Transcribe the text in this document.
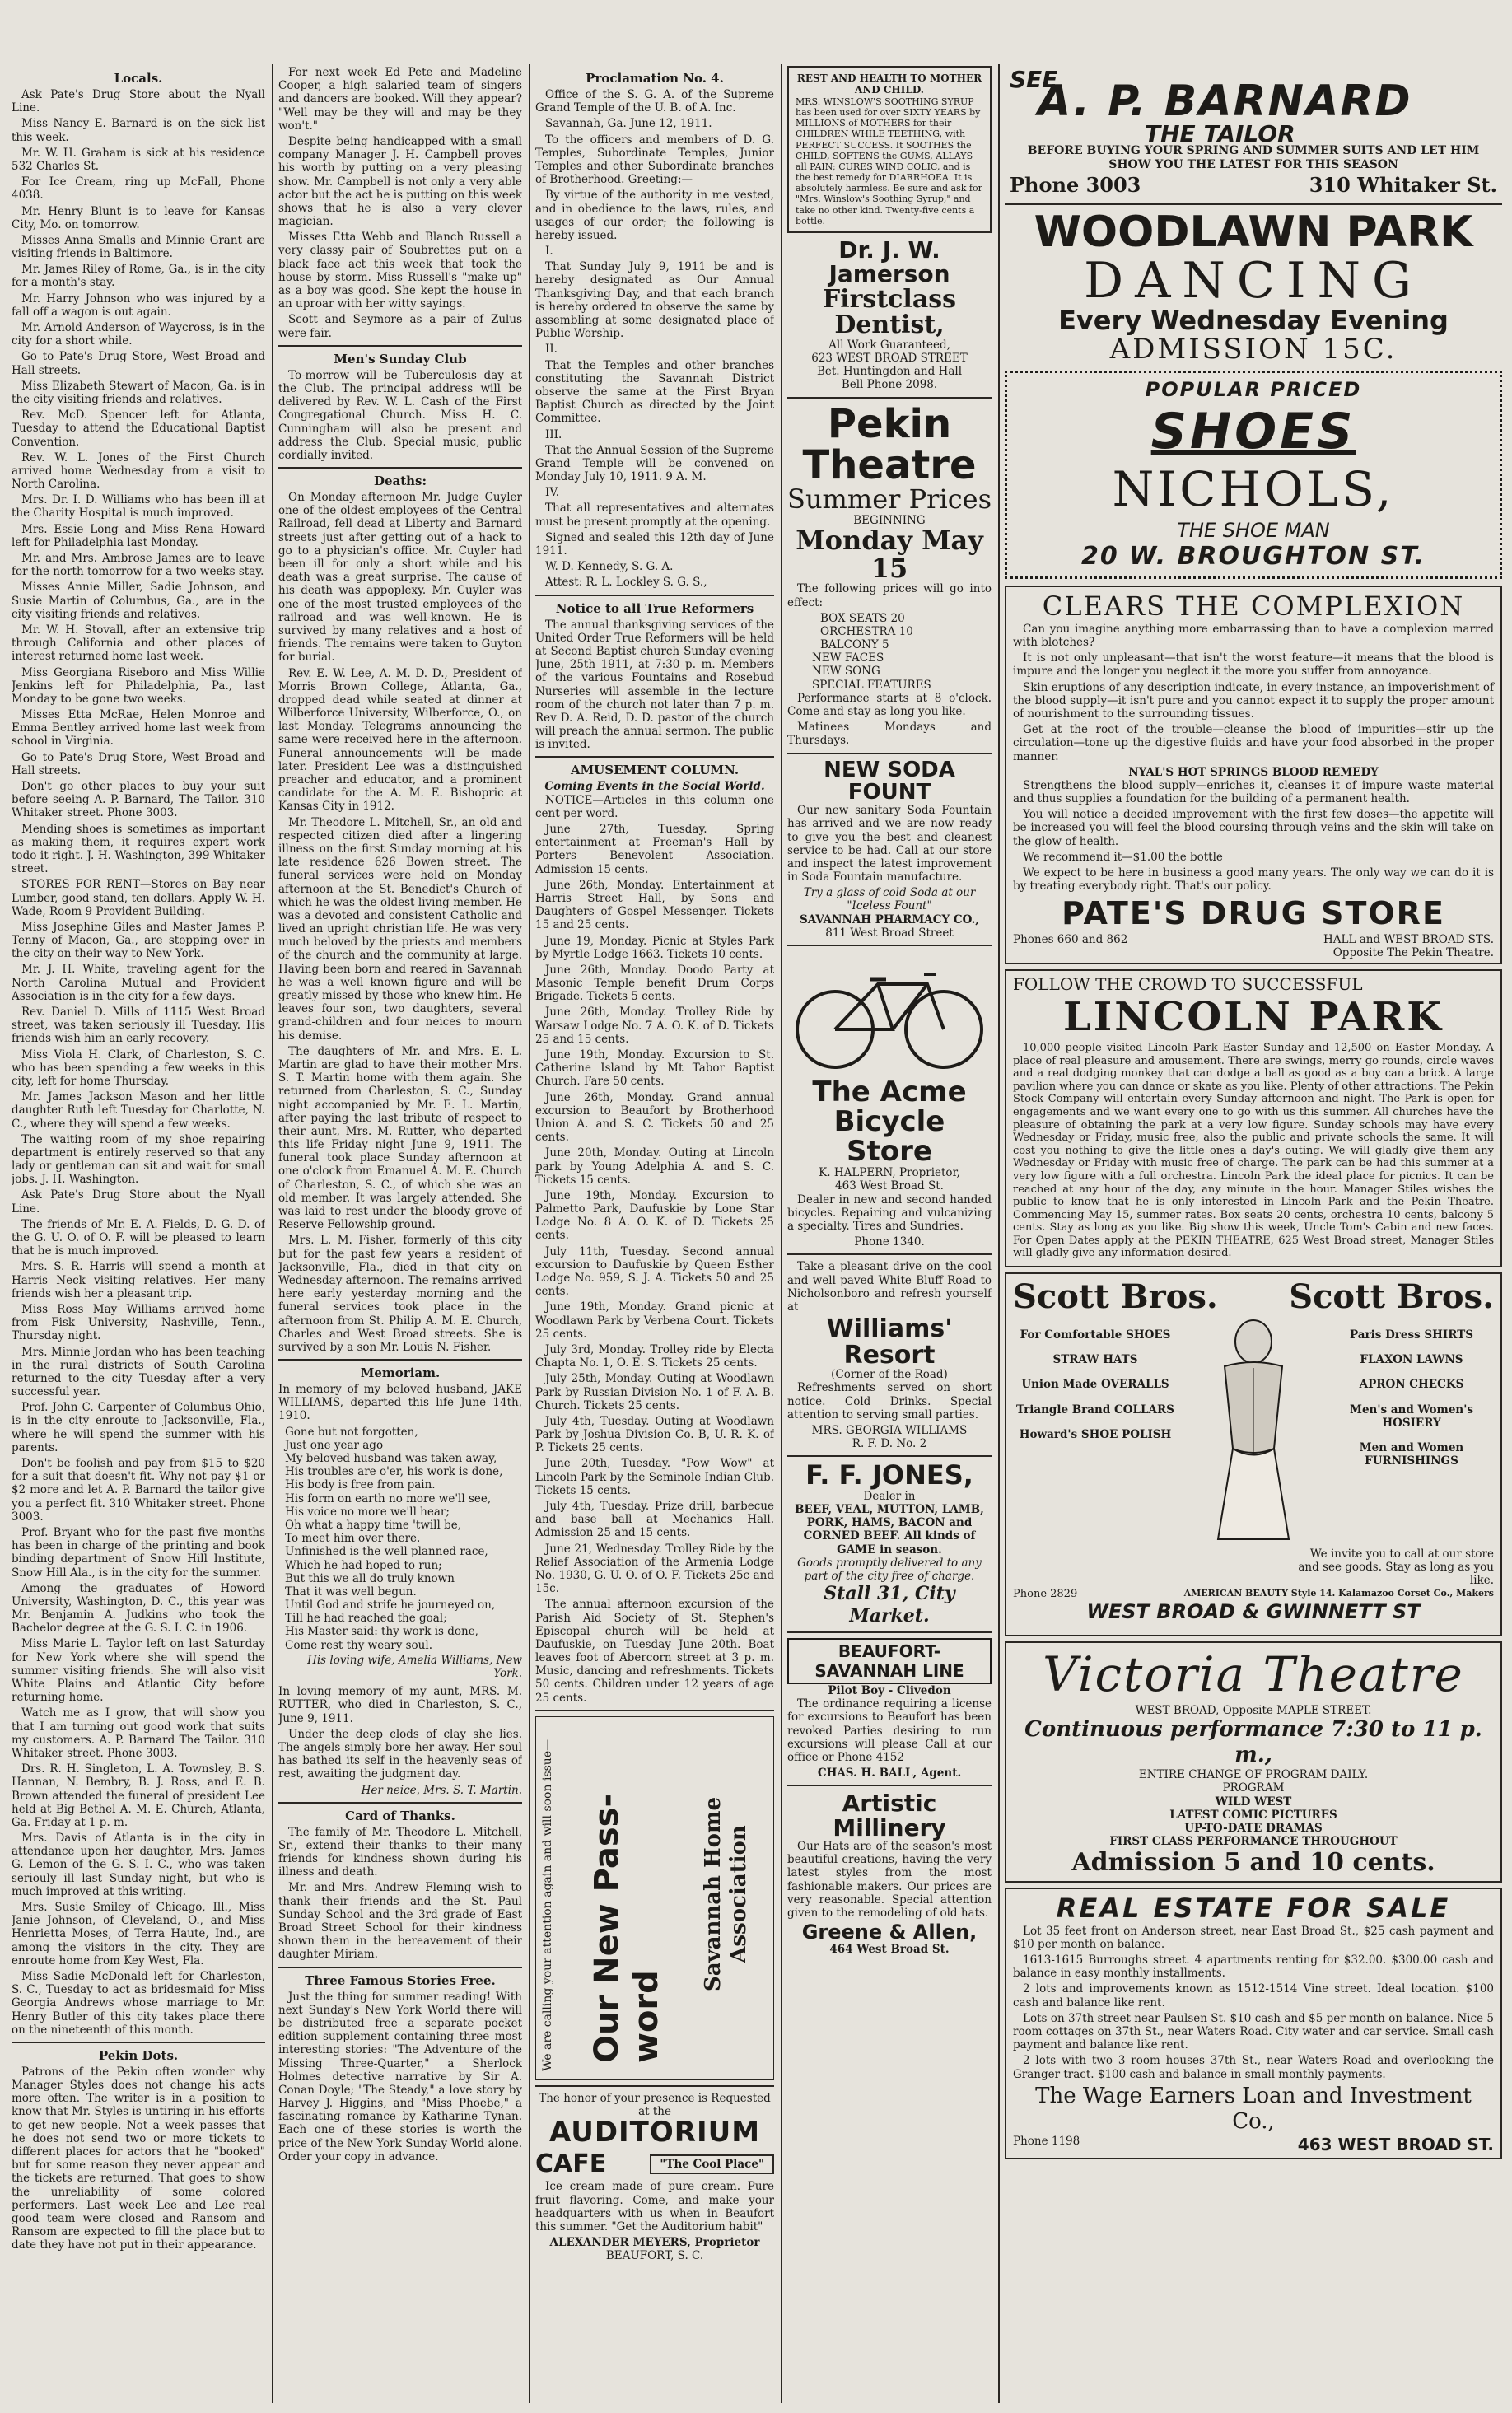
Locals.

Ask Pate's Drug Store about the Nyall Line.

Miss Nancy E. Barnard is on the sick list this week.

Mr. W. H. Graham is sick at his residence 532 Charles St.

For Ice Cream, ring up McFall, Phone 4038.

Mr. Henry Blunt is to leave for Kansas City, Mo. on tomorrow.

Misses Anna Smalls and Minnie Grant are visiting friends in Baltimore.

Mr. James Riley of Rome, Ga., is in the city for a month's stay.

Mr. Harry Johnson who was injured by a fall off a wagon is out again.

Mr. Arnold Anderson of Waycross, is in the city for a short while.

Go to Pate's Drug Store, West Broad and Hall streets.

Miss Elizabeth Stewart of Macon, Ga. is in the city visiting friends and relatives.

Rev. McD. Spencer left for Atlanta, Tuesday to attend the Educational Baptist Convention.

Rev. W. L. Jones of the First Church arrived home Wednesday from a visit to North Carolina.

Mrs. Dr. I. D. Williams who has been ill at the Charity Hospital is much improved.

Mrs. Essie Long and Miss Rena Howard left for Philadelphia last Monday.

Mr. and Mrs. Ambrose James are to leave for the north tomorrow for a two weeks stay.

Misses Annie Miller, Sadie Johnson, and Susie Martin of Columbus, Ga., are in the city visiting friends and relatives.

Mr. W. H. Stovall, after an extensive trip through California and other places of interest returned home last week.

Miss Georgiana Riseboro and Miss Willie Jenkins left for Philadelphia, Pa., last Monday to be gone two weeks.

Misses Etta McRae, Helen Monroe and Emma Bentley arrived home last week from school in Virginia.

Go to Pate's Drug Store, West Broad and Hall streets.

Don't go other places to buy your suit before seeing A. P. Barnard, The Tailor. 310 Whitaker street. Phone 3003.

Mending shoes is sometimes as important as making them, it requires expert work todo it right. J. H. Washington, 399 Whitaker street.

STORES FOR RENT—Stores on Bay near Lumber, good stand, ten dollars. Apply W. H. Wade, Room 9 Provident Building.

Miss Josephine Giles and Master James P. Tenny of Macon, Ga., are stopping over in the city on their way to New York.

Mr. J. H. White, traveling agent for the North Carolina Mutual and Provident Association is in the city for a few days.

Rev. Daniel D. Mills of 1115 West Broad street, was taken seriously ill Tuesday. His friends wish him an early recovery.

Miss Viola H. Clark, of Charleston, S. C. who has been spending a few weeks in this city, left for home Thursday.

Mr. James Jackson Mason and her little daughter Ruth left Tuesday for Charlotte, N. C., where they will spend a few weeks.

The waiting room of my shoe repairing department is entirely reserved so that any lady or gentleman can sit and wait for small jobs. J. H. Washington.

Ask Pate's Drug Store about the Nyall Line.

The friends of Mr. E. A. Fields, D. G. D. of the G. U. O. of O. F. will be pleased to learn that he is much improved.

Mrs. S. R. Harris will spend a month at Harris Neck visiting relatives. Her many friends wish her a pleasant trip.

Miss Ross May Williams arrived home from Fisk University, Nashville, Tenn., Thursday night.

Mrs. Minnie Jordan who has been teaching in the rural districts of South Carolina returned to the city Tuesday after a very successful year.

Prof. John C. Carpenter of Columbus Ohio, is in the city enroute to Jacksonville, Fla., where he will spend the summer with his parents.

Don't be foolish and pay from $15 to $20 for a suit that doesn't fit. Why not pay $1 or $2 more and let A. P. Barnard the tailor give you a perfect fit. 310 Whitaker street. Phone 3003.

Prof. Bryant who for the past five months has been in charge of the printing and book binding department of Snow Hill Institute, Snow Hill Ala., is in the city for the summer.

Among the graduates of Howord University, Washington, D. C., this year was Mr. Benjamin A. Judkins who took the Bachelor degree at the G. S. I. C. in 1906.

Miss Marie L. Taylor left on last Saturday for New York where she will spend the summer visiting friends. She will also visit White Plains and Atlantic City before returning home.

Watch me as I grow, that will show you that I am turning out good work that suits my customers. A. P. Barnard The Tailor. 310 Whitaker street. Phone 3003.

Drs. R. H. Singleton, L. A. Townsley, B. S. Hannan, N. Bembry, B. J. Ross, and E. B. Brown attended the funeral of president Lee held at Big Bethel A. M. E. Church, Atlanta, Ga. Friday at 1 p. m.

Mrs. Davis of Atlanta is in the city in attendance upon her daughter, Mrs. James G. Lemon of the G. S. I. C., who was taken seriouly ill last Sunday night, but who is much improved at this writing.

Mrs. Susie Smiley of Chicago, Ill., Miss Janie Johnson, of Cleveland, O., and Miss Henrietta Moses, of Terra Haute, Ind., are among the visitors in the city. They are enroute home from Key West, Fla.

Miss Sadie McDonald left for Charleston, S. C., Tuesday to act as bridesmaid for Miss Georgia Andrews whose marriage to Mr. Henry Butler of this city takes place there on the nineteenth of this month.

Pekin Dots.

Patrons of the Pekin often wonder why Manager Styles does not change his acts more often. The writer is in a position to know that Mr. Styles is untiring in his efforts to get new people. Not a week passes that he does not send two or more tickets to different places for actors that he "booked" but for some reason they never appear and the tickets are returned. That goes to show the unreliability of some colored performers. Last week Lee and Lee real good team were closed and Ransom and Ransom are expected to fill the place but to date they have not put in their appearance.

For next week Ed Pete and Madeline Cooper, a high salaried team of singers and dancers are booked. Will they appear? "Well may be they will and may be they won't."

Despite being handicapped with a small company Manager J. H. Campbell proves his worth by putting on a very pleasing show. Mr. Campbell is not only a very able actor but the act he is putting on this week shows that he is also a very clever magician.

Misses Etta Webb and Blanch Russell a very classy pair of Soubrettes put on a black face act this week that took the house by storm. Miss Russell's "make up" as a boy was good. She kept the house in an uproar with her witty sayings.

Scott and Seymore as a pair of Zulus were fair.

Men's Sunday Club

To-morrow will be Tuberculosis day at the Club. The principal address will be delivered by Rev. W. L. Cash of the First Congregational Church. Miss H. C. Cunningham will also be present and address the Club. Special music, public cordially invited.

Deaths:

On Monday afternoon Mr. Judge Cuyler one of the oldest employees of the Central Railroad, fell dead at Liberty and Barnard streets just after getting out of a hack to go to a physician's office. Mr. Cuyler had been ill for only a short while and his death was a great surprise. The cause of his death was appoplexy. Mr. Cuyler was one of the most trusted employees of the railroad and was well-known. He is survived by many relatives and a host of friends. The remains were taken to Guyton for burial.

Rev. E. W. Lee, A. M. D. D., President of Morris Brown College, Atlanta, Ga., dropped dead while seated at dinner at Wilberforce University, Wilberforce, O., on last Monday. Telegrams announcing the same were received here in the afternoon. Funeral announcements will be made later. President Lee was a distinguished preacher and educator, and a prominent candidate for the A. M. E. Bishopric at Kansas City in 1912.

Mr. Theodore L. Mitchell, Sr., an old and respected citizen died after a lingering illness on the first Sunday morning at his late residence 626 Bowen street. The funeral services were held on Monday afternoon at the St. Benedict's Church of which he was the oldest living member. He was a devoted and consistent Catholic and lived an upright christian life. He was very much beloved by the priests and members of the church and the community at large. Having been born and reared in Savannah he was a well known figure and will be greatly missed by those who knew him. He leaves four son, two daughters, several grand-children and four neices to mourn his demise.

The daughters of Mr. and Mrs. E. L. Martin are glad to have their mother Mrs. S. T. Martin home with them again. She returned from Charleston, S. C., Sunday night accompanied by Mr. E. L. Martin, after paying the last tribute of respect to their aunt, Mrs. M. Rutter, who departed this life Friday night June 9, 1911. The funeral took place Sunday afternoon at one o'clock from Emanuel A. M. E. Church of Charleston, S. C., of which she was an old member. It was largely attended. She was laid to rest under the bloody grove of Reserve Fellowship ground.

Mrs. L. M. Fisher, formerly of this city but for the past few years a resident of Jacksonville, Fla., died in that city on Wednesday afternoon. The remains arrived here early yesterday morning and the funeral services took place in the afternoon from St. Philip A. M. E. Church, Charles and West Broad streets. She is survived by a son Mr. Louis N. Fisher.

Memoriam.

In memory of my beloved husband, JAKE WILLIAMS, departed this life June 14th, 1910.

Gone but not forgotten,
Just one year ago
My beloved husband was taken away,
His troubles are o'er, his work is done,
His body is free from pain.
His form on earth no more we'll see,
His voice no more we'll hear;
Oh what a happy time 'twill be,
To meet him over there.
Unfinished is the well planned race,
Which he had hoped to run;
But this we all do truly known
That it was well begun.
Until God and strife he journeyed on,
Till he had reached the goal;
His Master said: thy work is done,
Come rest thy weary soul.
His loving wife, Amelia Williams, New York.

In loving memory of my aunt, MRS. M. RUTTER, who died in Charleston, S. C., June 9, 1911.

Under the deep clods of clay she lies. The angels simply bore her away. Her soul has bathed its self in the heavenly seas of rest, awaiting the judgment day.

Her neice, Mrs. S. T. Martin.
Card of Thanks.

The family of Mr. Theodore L. Mitchell, Sr., extend their thanks to their many friends for kindness shown during his illness and death.

Mr. and Mrs. Andrew Fleming wish to thank their friends and the St. Paul Sunday School and the 3rd grade of East Broad Street School for their kindness shown them in the bereavement of their daughter Miriam.

Three Famous Stories Free.

Just the thing for summer reading! With next Sunday's New York World there will be distributed free a separate pocket edition supplement containing three most interesting stories: "The Adventure of the Missing Three-Quarter," a Sherlock Holmes detective narrative by Sir A. Conan Doyle; "The Steady," a love story by Harvey J. Higgins, and "Miss Phoebe," a fascinating romance by Katharine Tynan. Each one of these stories is worth the price of the New York Sunday World alone. Order your copy in advance.

Proclamation No. 4.

Office of the S. G. A. of the Supreme Grand Temple of the U. B. of A. Inc.

Savannah, Ga. June 12, 1911.

To the officers and members of D. G. Temples, Subordinate Temples, Junior Temples and other Subordinate branches of Brotherhood. Greeting:—

By virtue of the authority in me vested, and in obedience to the laws, rules, and usages of our order; the following is hereby issued.

I.

That Sunday July 9, 1911 be and is hereby designated as Our Annual Thanksgiving Day, and that each branch is hereby ordered to observe the same by assembling at some designated place of Public Worship.

II.

That the Temples and other branches constituting the Savannah District observe the same at the First Bryan Baptist Church as directed by the Joint Committee.

III.

That the Annual Session of the Supreme Grand Temple will be convened on Monday July 10, 1911. 9 A. M.

IV.

That all representatives and alternates must be present promptly at the opening.

Signed and sealed this 12th day of June 1911.

W. D. Kennedy, S. G. A.

Attest: R. L. Lockley S. G. S.,

Notice to all True Reformers

The annual thanksgiving services of the United Order True Reformers will be held at Second Baptist church Sunday evening June, 25th 1911, at 7:30 p. m. Members of the various Fountains and Rosebud Nurseries will assemble in the lecture room of the church not later than 7 p. m. Rev D. A. Reid, D. D. pastor of the church will preach the annual sermon. The public is invited.

AMUSEMENT COLUMN.
Coming Events in the Social World.

NOTICE—Articles in this column one cent per word.

June 27th, Tuesday. Spring entertainment at Freeman's Hall by Porters Benevolent Association. Admission 15 cents.

June 26th, Monday. Entertainment at Harris Street Hall, by Sons and Daughters of Gospel Messenger. Tickets 15 and 25 cents.

June 19, Monday. Picnic at Styles Park by Myrtle Lodge 1663. Tickets 10 cents.

June 26th, Monday. Doodo Party at Masonic Temple benefit Drum Corps Brigade. Tickets 5 cents.

June 26th, Monday. Trolley Ride by Warsaw Lodge No. 7 A. O. K. of D. Tickets 25 and 15 cents.

June 19th, Monday. Excursion to St. Catherine Island by Mt Tabor Baptist Church. Fare 50 cents.

June 26th, Monday. Grand annual excursion to Beaufort by Brotherhood Union A. and S. C. Tickets 50 and 25 cents.

June 20th, Monday. Outing at Lincoln park by Young Adelphia A. and S. C. Tickets 15 cents.

June 19th, Monday. Excursion to Palmetto Park, Daufuskie by Lone Star Lodge No. 8 A. O. K. of D. Tickets 25 cents.

July 11th, Tuesday. Second annual excursion to Daufuskie by Queen Esther Lodge No. 959, S. J. A. Tickets 50 and 25 cents.

June 19th, Monday. Grand picnic at Woodlawn Park by Verbena Court. Tickets 25 cents.

July 3rd, Monday. Trolley ride by Electa Chapta No. 1, O. E. S. Tickets 25 cents.

July 25th, Monday. Outing at Woodlawn Park by Russian Division No. 1 of F. A. B. Church. Tickets 25 cents.

July 4th, Tuesday. Outing at Woodlawn Park by Joshua Division Co. B, U. R. K. of P. Tickets 25 cents.

June 20th, Tuesday. "Pow Wow" at Lincoln Park by the Seminole Indian Club. Tickets 15 cents.

July 4th, Tuesday. Prize drill, barbecue and base ball at Mechanics Hall. Admission 25 and 15 cents.

June 21, Wednesday. Trolley Ride by the Relief Association of the Armenia Lodge No. 1930, G. U. O. of O. F. Tickets 25c and 15c.

The annual afternoon excursion of the Parish Aid Society of St. Stephen's Episcopal church will be held at Daufuskie, on Tuesday June 20th. Boat leaves foot of Abercorn street at 3 p. m. Music, dancing and refreshments. Tickets 50 cents. Children under 12 years of age 25 cents.

We are calling your attention again and will soon issue— Our New Pass-word
Savannah Home Association
The honor of your presence is Requested at the
AUDITORIUM
CAFE	"The Cool Place"

Ice cream made of pure cream. Pure fruit flavoring. Come, and make your headquarters with us when in Beaufort this summer. "Get the Auditorium habit"

ALEXANDER MEYERS, Proprietor
BEAUFORT, S. C.
REST AND HEALTH TO MOTHER AND CHILD.
MRS. WINSLOW'S SOOTHING SYRUP has been used for over SIXTY YEARS by MILLIONS of MOTHERS for their CHILDREN WHILE TEETHING, with PERFECT SUCCESS. It SOOTHES the CHILD, SOFTENS the GUMS, ALLAYS all PAIN; CURES WIND COLIC, and is the best remedy for DIARRHOEA. It is absolutely harmless. Be sure and ask for "Mrs. Winslow's Soothing Syrup," and take no other kind. Twenty-five cents a bottle.
Dr. J. W. Jamerson
Firstclass Dentist,
All Work Guaranteed,
623 WEST BROAD STREET
Bet. Huntingdon and Hall
Bell Phone 2098.
Pekin Theatre
Summer Prices
BEGINNING
Monday May 15

The following prices will go into effect:

BOX SEATS 20
ORCHESTRA 10
BALCONY 5
NEW FACES
NEW SONG
SPECIAL FEATURES

Performance starts at 8 o'clock. Come and stay as long you like.

Matinees Mondays and Thursdays.

NEW SODA FOUNT

Our new sanitary Soda Fountain has arrived and we are now ready to give you the best and cleanest service to be had. Call at our store and inspect the latest improvement in Soda Fountain manufacture.

Try a glass of cold Soda at our "Iceless Fount"
SAVANNAH PHARMACY CO.,
811 West Broad Street
The Acme Bicycle Store
K. HALPERN, Proprietor,
463 West Broad St.

Dealer in new and second handed bicycles. Repairing and vulcanizing a specialty. Tires and Sundries.

Phone 1340.

Take a pleasant drive on the cool and well paved White Bluff Road to Nicholsonboro and refresh yourself at

Williams' Resort
(Corner of the Road)

Refreshments served on short notice. Cold Drinks. Special attention to serving small parties.

MRS. GEORGIA WILLIAMS
R. F. D. No. 2
F. F. JONES,
Dealer in
BEEF, VEAL, MUTTON, LAMB, PORK, HAMS, BACON and CORNED BEEF. All kinds of GAME in season.
Goods promptly delivered to any part of the city free of charge.
Stall 31, City Market.
BEAUFORT-SAVANNAH LINE
Pilot Boy - Clivedon

The ordinance requiring a license for excursions to Beaufort has been revoked Parties desiring to run excursions will please Call at our office or Phone 4152

CHAS. H. BALL, Agent.
Artistic Millinery

Our Hats are of the season's most beautiful creations, having the very latest styles from the most fashionable makers. Our prices are very reasonable. Special attention given to the remodeling of old hats.

Greene & Allen,
464 West Broad St.
SEE
A. P. BARNARD
THE TAILOR
BEFORE BUYING YOUR SPRING AND SUMMER SUITS AND LET HIM SHOW YOU THE LATEST FOR THIS SEASON
Phone 3003	310 Whitaker St.
WOODLAWN PARK
DANCING
Every Wednesday Evening
ADMISSION 15C.
POPULAR PRICED
SHOES
NICHOLS,
THE SHOE MAN
20 W. BROUGHTON ST.
CLEARS THE COMPLEXION

Can you imagine anything more embarrassing than to have a complexion marred with blotches?

It is not only unpleasant—that isn't the worst feature—it means that the blood is impure and the longer you neglect it the more you suffer from annoyance.

Skin eruptions of any description indicate, in every instance, an impoverishment of the blood supply—it isn't pure and you cannot expect it to supply the proper amount of nourishment to the surrounding tissues.

Get at the root of the trouble—cleanse the blood of impurities—stir up the circulation—tone up the digestive fluids and have your food absorbed in the proper manner.

NYAL'S HOT SPRINGS BLOOD REMEDY

Strengthens the blood supply—enriches it, cleanses it of impure waste material and thus supplies a foundation for the building of a permanent health.

You will notice a decided improvement with the first few doses—the appetite will be increased you will feel the blood coursing through veins and the skin will take on the glow of health.

We recommend it—$1.00 the bottle

We expect to be here in business a good many years. The only way we can do it is by treating everybody right. That's our policy.

PATE'S DRUG STORE
Phones 660 and 862	HALL and WEST BROAD STS.
Opposite The Pekin Theatre.
FOLLOW THE CROWD TO SUCCESSFUL
LINCOLN PARK

10,000 people visited Lincoln Park Easter Sunday and 12,500 on Easter Monday. A place of real pleasure and amusement. There are swings, merry go rounds, circle waves and a real dodging monkey that can dodge a ball as good as a boy can a brick. A large pavilion where you can dance or skate as you like. Plenty of other attractions. The Pekin Stock Company will entertain every Sunday afternoon and night. The Park is open for engagements and we want every one to go with us this summer. All churches have the pleasure of obtaining the park at a very low figure. Sunday schools may have every Wednesday or Friday, music free, also the public and private schools the same. It will cost you nothing to give the little ones a day's outing. We will gladly give them any Wednesday or Friday with music free of charge. The park can be had this summer at a very low figure with a full orchestra. Lincoln Park the ideal place for picnics. It can be reached at any hour of the day, any minute in the hour. Manager Stiles wishes the public to know that he is only interested in Lincoln Park and the Pekin Theatre. Commencing May 15, summer rates. Box seats 20 cents, orchestra 10 cents, balcony 5 cents. Stay as long as you like. Big show this week, Uncle Tom's Cabin and new faces. For Open Dates apply at the PEKIN THEATRE, 625 West Broad street, Manager Stiles will gladly give any information desired.

Scott Bros. Scott Bros.
For Comfortable SHOES
STRAW HATS
Union Made OVERALLS
Triangle Brand COLLARS
Howard's SHOE POLISH
Paris Dress SHIRTS
FLAXON LAWNS
APRON CHECKS
Men's and Women's HOSIERY
Men and Women FURNISHINGS
We invite you to call at our store and see goods. Stay as long as you like.
Phone 2829	AMERICAN BEAUTY Style 14. Kalamazoo Corset Co., Makers
WEST BROAD & GWINNETT ST
Victoria Theatre
WEST BROAD, Opposite MAPLE STREET.
Continuous performance 7:30 to 11 p. m.,
ENTIRE CHANGE OF PROGRAM DAILY.
PROGRAM
WILD WEST
LATEST COMIC PICTURES
UP-TO-DATE DRAMAS
FIRST CLASS PERFORMANCE THROUGHOUT
Admission 5 and 10 cents.
REAL ESTATE FOR SALE

Lot 35 feet front on Anderson street, near East Broad St., $25 cash payment and $10 per month on balance.

1613-1615 Burroughs street. 4 apartments renting for $32.00. $300.00 cash and balance in easy monthly installments.

2 lots and improvements known as 1512-1514 Vine street. Ideal location. $100 cash and balance like rent.

Lots on 37th street near Paulsen St. $10 cash and $5 per month on balance. Nice 5 room cottages on 37th St., near Waters Road. City water and car service. Small cash payment and balance like rent.

2 lots with two 3 room houses 37th St., near Waters Road and overlooking the Granger tract. $100 cash and balance in small monthly payments.

The Wage Earners Loan and Investment Co.,
Phone 1198	463 WEST BROAD ST.
